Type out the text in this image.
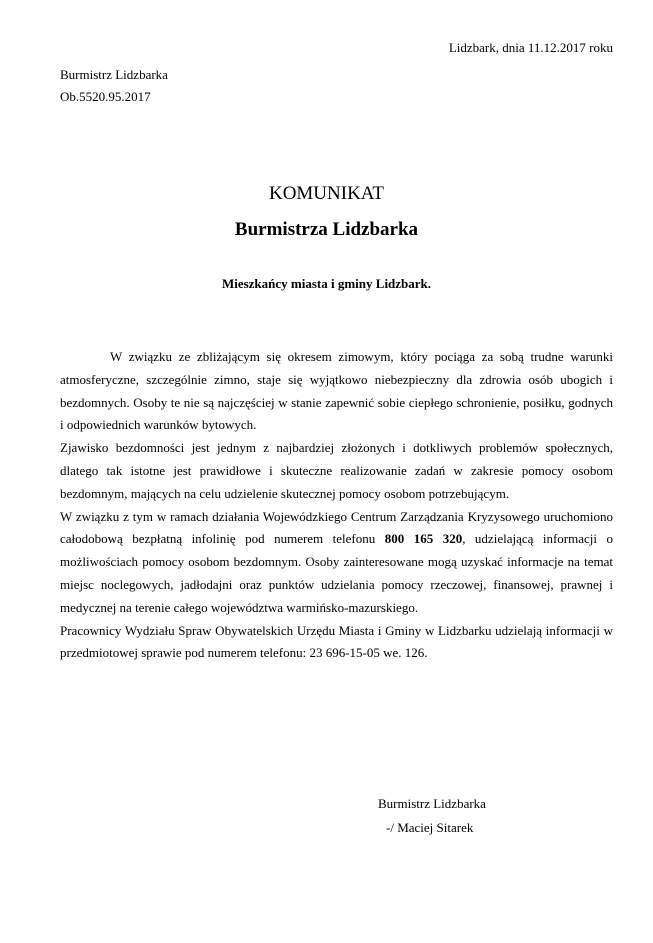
Lidzbark, dnia 11.12.2017 roku
Burmistrz Lidzbarka
Ob.5520.95.2017
KOMUNIKAT
Burmistrza Lidzbarka
Mieszkańcy miasta i gminy Lidzbark.

W związku ze zbliżającym się okresem zimowym, który pociąga za sobą trudne warunki atmosferyczne, szczególnie zimno, staje się wyjątkowo niebezpieczny dla zdrowia osób ubogich i bezdomnych. Osoby te nie są najczęściej w stanie zapewnić sobie ciepłego schronienie, posiłku, godnych i odpowiednich warunków bytowych.

Zjawisko bezdomności jest jednym z najbardziej złożonych i dotkliwych problemów społecznych, dlatego tak istotne jest prawidłowe i skuteczne realizowanie zadań w zakresie pomocy osobom bezdomnym, mających na celu udzielenie skutecznej pomocy osobom potrzebującym.

W związku z tym w ramach działania Wojewódzkiego Centrum Zarządzania Kryzysowego uruchomiono całodobową bezpłatną infolinię pod numerem telefonu 800 165 320, udzielającą informacji o możliwościach pomocy osobom bezdomnym. Osoby zainteresowane mogą uzyskać informacje na temat miejsc noclegowych, jadłodajni oraz punktów udzielania pomocy rzeczowej, finansowej, prawnej i medycznej na terenie całego województwa warmińsko-mazurskiego.

Pracownicy Wydziału Spraw Obywatelskich Urzędu Miasta i Gminy w Lidzbarku udzielają informacji w przedmiotowej sprawie pod numerem telefonu: 23 696-15-05 we. 126.

Burmistrz Lidzbarka
-/ Maciej Sitarek
